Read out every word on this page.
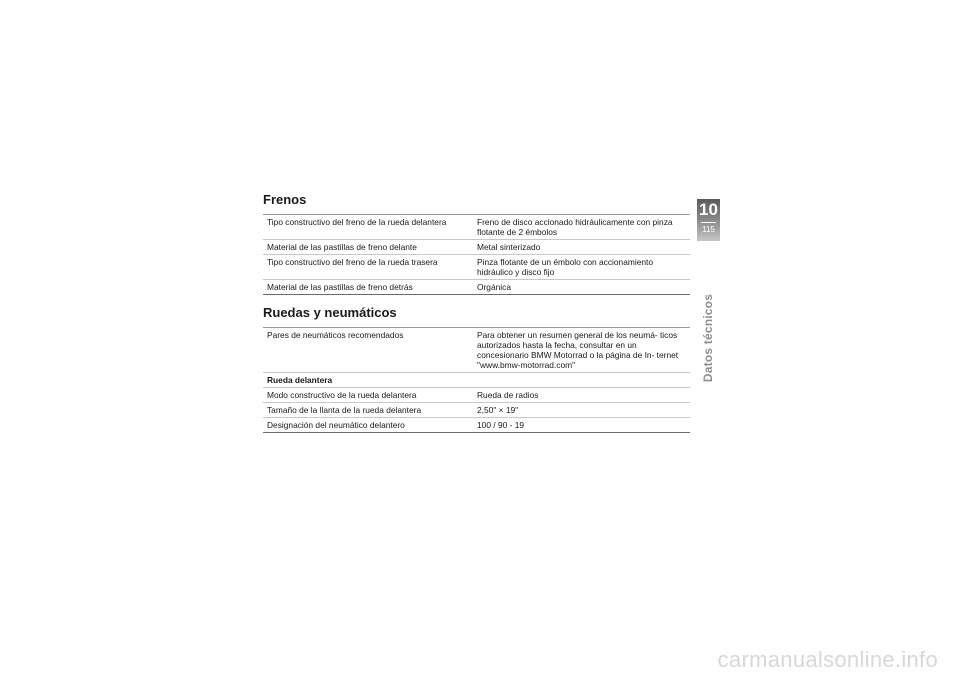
Frenos
Tipo constructivo del freno de la rueda delantera	Freno de disco accionado hidráulicamente con pinza flotante de 2 émbolos
Material de las pastillas de freno delante	Metal sinterizado
Tipo constructivo del freno de la rueda trasera	Pinza flotante de un émbolo con accionamiento hidráulico y disco fijo
Material de las pastillas de freno detrás	Orgánica
Ruedas y neumáticos
Pares de neumáticos recomendados	Para obtener un resumen general de los neumá- ticos autorizados hasta la fecha, consultar en un concesionario BMW Motorrad o la página de In- ternet "www.bmw-motorrad.com"
Rueda delantera	
Modo constructivo de la rueda delantera	Rueda de radios
Tamaño de la llanta de la rueda delantera	2,50" × 19"
Designación del neumático delantero	100 / 90 - 19
10
115
Datos técnicos
carmanualsonline.info
